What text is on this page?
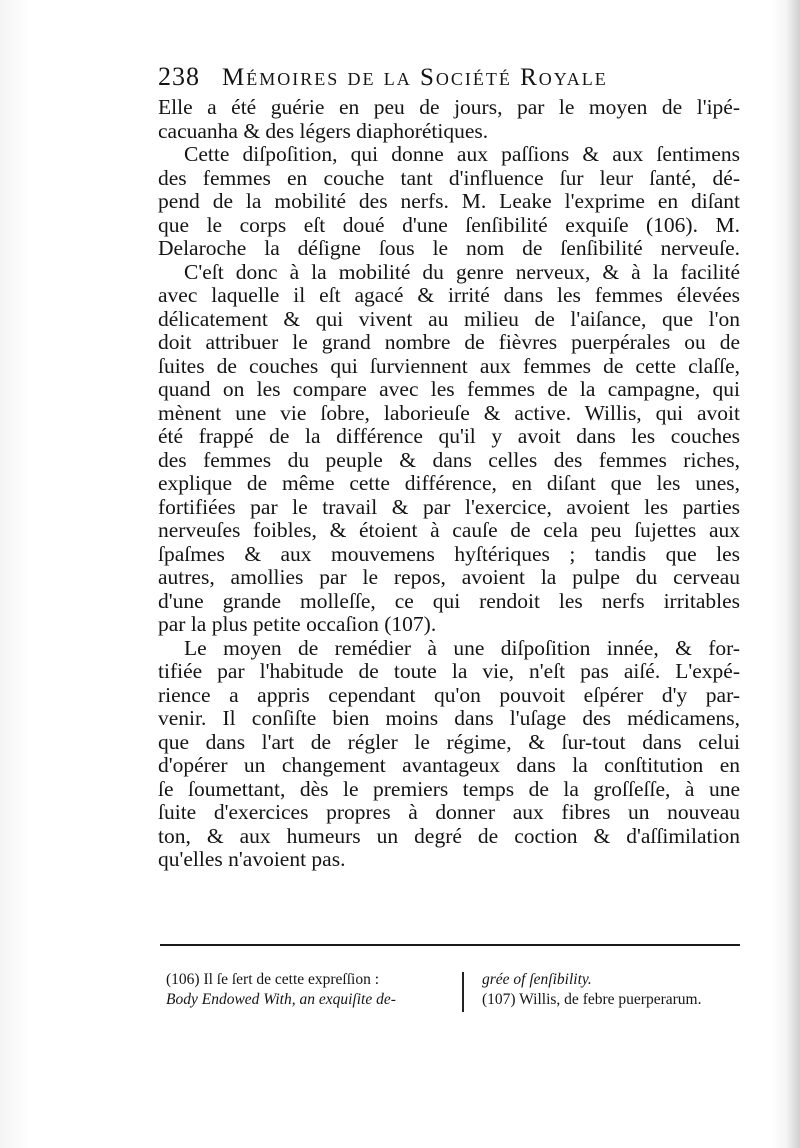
238 Mémoires de la Société Royale
Elle a été guérie en peu de jours, par le moyen de l'ipé-
cacuanha & des légers diaphorétiques.
Cette diſpoſition, qui donne aux paſſions & aux ſentimens
des femmes en couche tant d'influence ſur leur ſanté, dé-
pend de la mobilité des nerfs. M. Leake l'exprime en diſant
que le corps eſt doué d'une ſenſibilité exquiſe (106). M.
Delaroche la déſigne ſous le nom de ſenſibilité nerveuſe.
C'eſt donc à la mobilité du genre nerveux, & à la facilité
avec laquelle il eſt agacé & irrité dans les femmes élevées
délicatement & qui vivent au milieu de l'aiſance, que l'on
doit attribuer le grand nombre de fièvres puerpérales ou de
ſuites de couches qui ſurviennent aux femmes de cette claſſe,
quand on les compare avec les femmes de la campagne, qui
mènent une vie ſobre, laborieuſe & active. Willis, qui avoit
été frappé de la différence qu'il y avoit dans les couches
des femmes du peuple & dans celles des femmes riches,
explique de même cette différence, en diſant que les unes,
fortifiées par le travail & par l'exercice, avoient les parties
nerveuſes foibles, & étoient à cauſe de cela peu ſujettes aux
ſpaſmes & aux mouvemens hyſtériques ; tandis que les
autres, amollies par le repos, avoient la pulpe du cerveau
d'une grande molleſſe, ce qui rendoit les nerfs irritables
par la plus petite occaſion (107).
Le moyen de remédier à une diſpoſition innée, & for-
tifiée par l'habitude de toute la vie, n'eſt pas aiſé. L'expé-
rience a appris cependant qu'on pouvoit eſpérer d'y par-
venir. Il conſiſte bien moins dans l'uſage des médicamens,
que dans l'art de régler le régime, & ſur-tout dans celui
d'opérer un changement avantageux dans la conſtitution en
ſe ſoumettant, dès le premiers temps de la groſſeſſe, à une
ſuite d'exercices propres à donner aux fibres un nouveau
ton, & aux humeurs un degré de coction & d'aſſimilation
qu'elles n'avoient pas.
(106) Il ſe ſert de cette expreſſion :
Body Endowed With, an exquiſite de-
grée of ſenſibility.
(107) Willis, de febre puerperarum.
